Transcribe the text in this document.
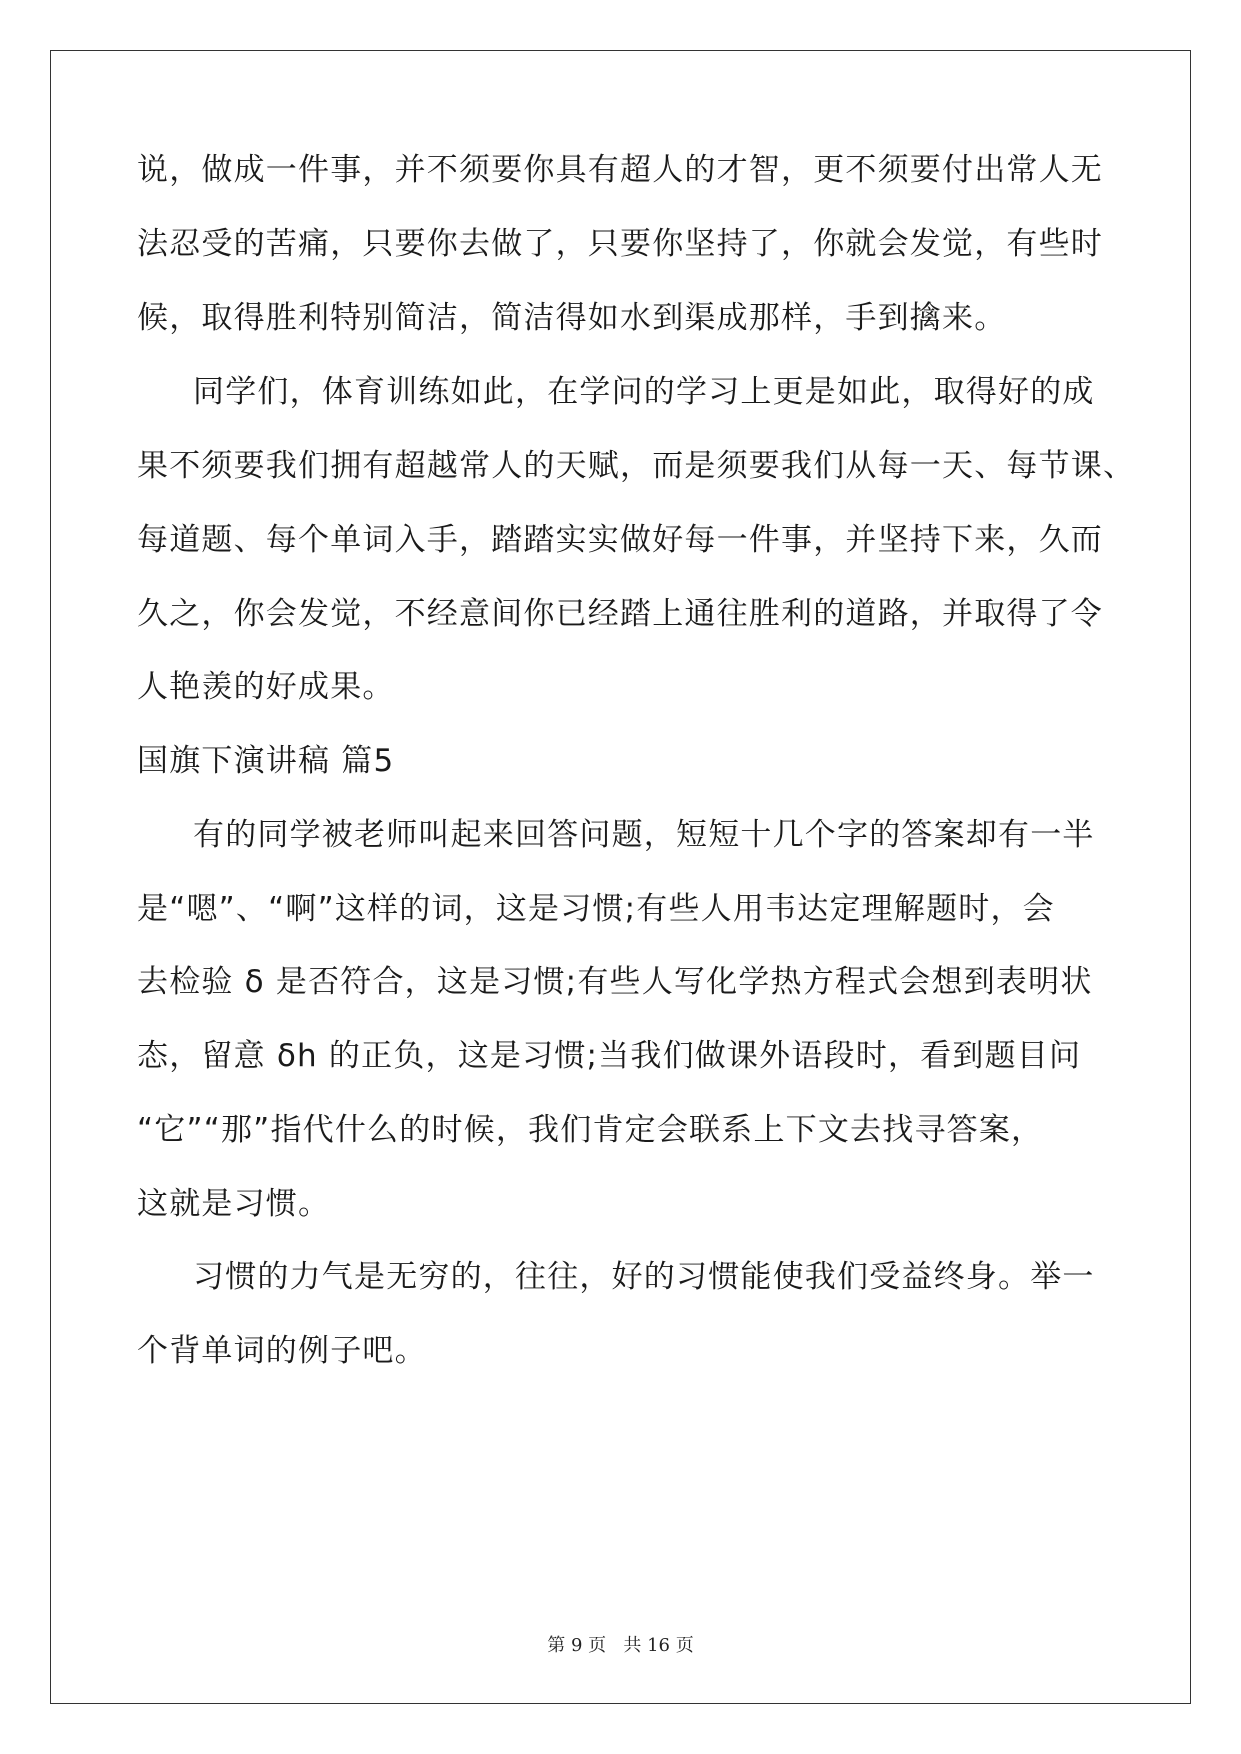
说，做成一件事，并不须要你具有超人的才智，更不须要付出常人无

法忍受的苦痛，只要你去做了，只要你坚持了，你就会发觉，有些时

候，取得胜利特别简洁，简洁得如水到渠成那样，手到擒来。

同学们，体育训练如此，在学问的学习上更是如此，取得好的成

果不须要我们拥有超越常人的天赋，而是须要我们从每一天、每节课、

每道题、每个单词入手，踏踏实实做好每一件事，并坚持下来，久而

久之，你会发觉，不经意间你已经踏上通往胜利的道路，并取得了令

人艳羡的好成果。

国旗下演讲稿 篇5

有的同学被老师叫起来回答问题，短短十几个字的答案却有一半

是“嗯”、“啊”这样的词，这是习惯;有些人用韦达定理解题时，会

去检验 δ 是否符合，这是习惯;有些人写化学热方程式会想到表明状

态，留意 δh 的正负，这是习惯;当我们做课外语段时，看到题目问

“它”“那”指代什么的时候，我们肯定会联系上下文去找寻答案，

这就是习惯。

习惯的力气是无穷的，往往，好的习惯能使我们受益终身。举一

个背单词的例子吧。

第 9 页   共 16 页
